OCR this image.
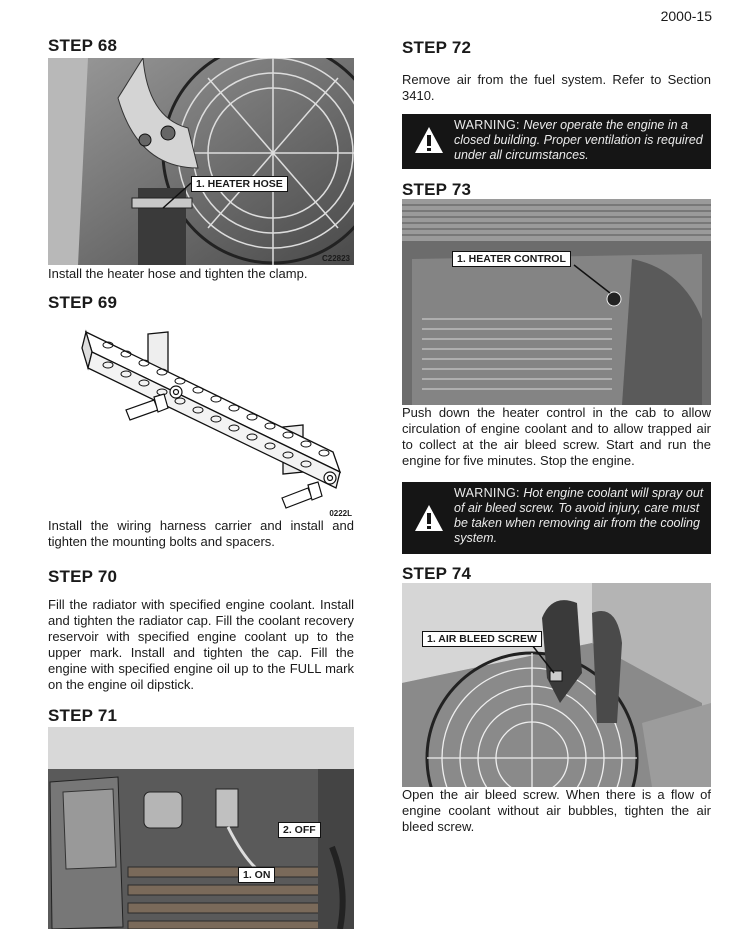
2000-15
STEP 68
1. HEATER HOSE
C22823
Install the heater hose and tighten the clamp.
STEP 69
0222L
Install the wiring harness carrier and install and tighten the mounting bolts and spacers.
STEP 70
Fill the radiator with specified engine coolant. Install and tighten the radiator cap. Fill the coolant recovery reservoir with specified engine coolant up to the upper mark. Install and tighten the cap. Fill the engine with specified engine oil up to the FULL mark on the engine oil dipstick.
STEP 71
2. OFF
1. ON
STEP 72
Remove air from the fuel system. Refer to Section 3410.
WARNING: Never operate the engine in a closed building. Proper ventilation is required under all circumstances.
STEP 73
1. HEATER CONTROL
Push down the heater control in the cab to allow circulation of engine coolant and to allow trapped air to collect at the air bleed screw. Start and run the engine for five minutes. Stop the engine.
WARNING: Hot engine coolant will spray out of air bleed screw. To avoid injury, care must be taken when removing air from the cooling system.
STEP 74
1. AIR BLEED SCREW
Open the air bleed screw. When there is a flow of engine coolant without air bubbles, tighten the air bleed screw.
